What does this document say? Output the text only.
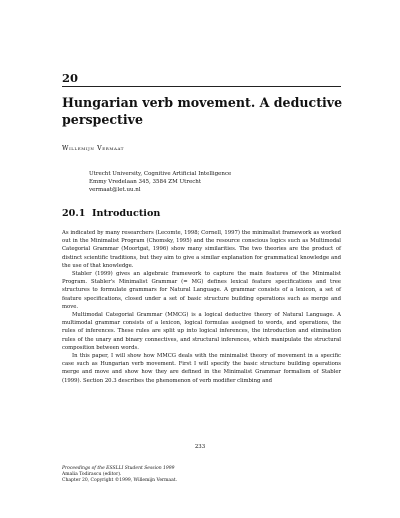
20
Hungarian verb movement. A deductive
perspective
Willemijn Vermaat
Utrecht University, Cognitive Artificial Intelligence
Emmy Vredelaan 345, 3584 ZM Utrecht
vermaat@let.uu.nl
20.1 Introduction

As indicated by many researchers (Lecomte, 1998; Cornell, 1997) the minimalist framework as worked out in the Minimalist Program (Chomsky, 1995) and the resource conscious logics such as Multimodal Categorial Grammar (Moortgat, 1996) show many similarities. The two theories are the product of distinct scientific traditions, but they aim to give a similar explanation for grammatical knowledge and the use of that knowledge.

Stabler (1999) gives an algebraic framework to capture the main features of the Minimalist Program. Stabler's Minimalist Grammar (= MG) defines lexical feature specifications and tree structures to formulate grammars for Natural Language. A grammar consists of a lexicon, a set of feature specifications, closed under a set of basic structure building operations such as merge and move.

Multimodal Categorial Grammar (MMCG) is a logical deductive theory of Natural Language. A multimodal grammar consists of a lexicon, logical formulas assigned to words, and operations, the rules of inferences. These rules are split up into logical inferences, the introduction and elimination rules of the unary and binary connectives, and structural inferences, which manipulate the structural composition between words.

In this paper, I will show how MMCG deals with the minimalist theory of movement in a specific case such as Hungarian verb movement. First I will specify the basic structure building operations merge and move and show how they are defined in the Minimalist Grammar formalism of Stabler (1999). Section 20.3 describes the phenomenon of verb modifier climbing and

233
Proceedings of the ESSLLI Student Session 1999
Amalia Todirascu (editor).
Chapter 20, Copyright ©1999, Willemijn Vermaat.
